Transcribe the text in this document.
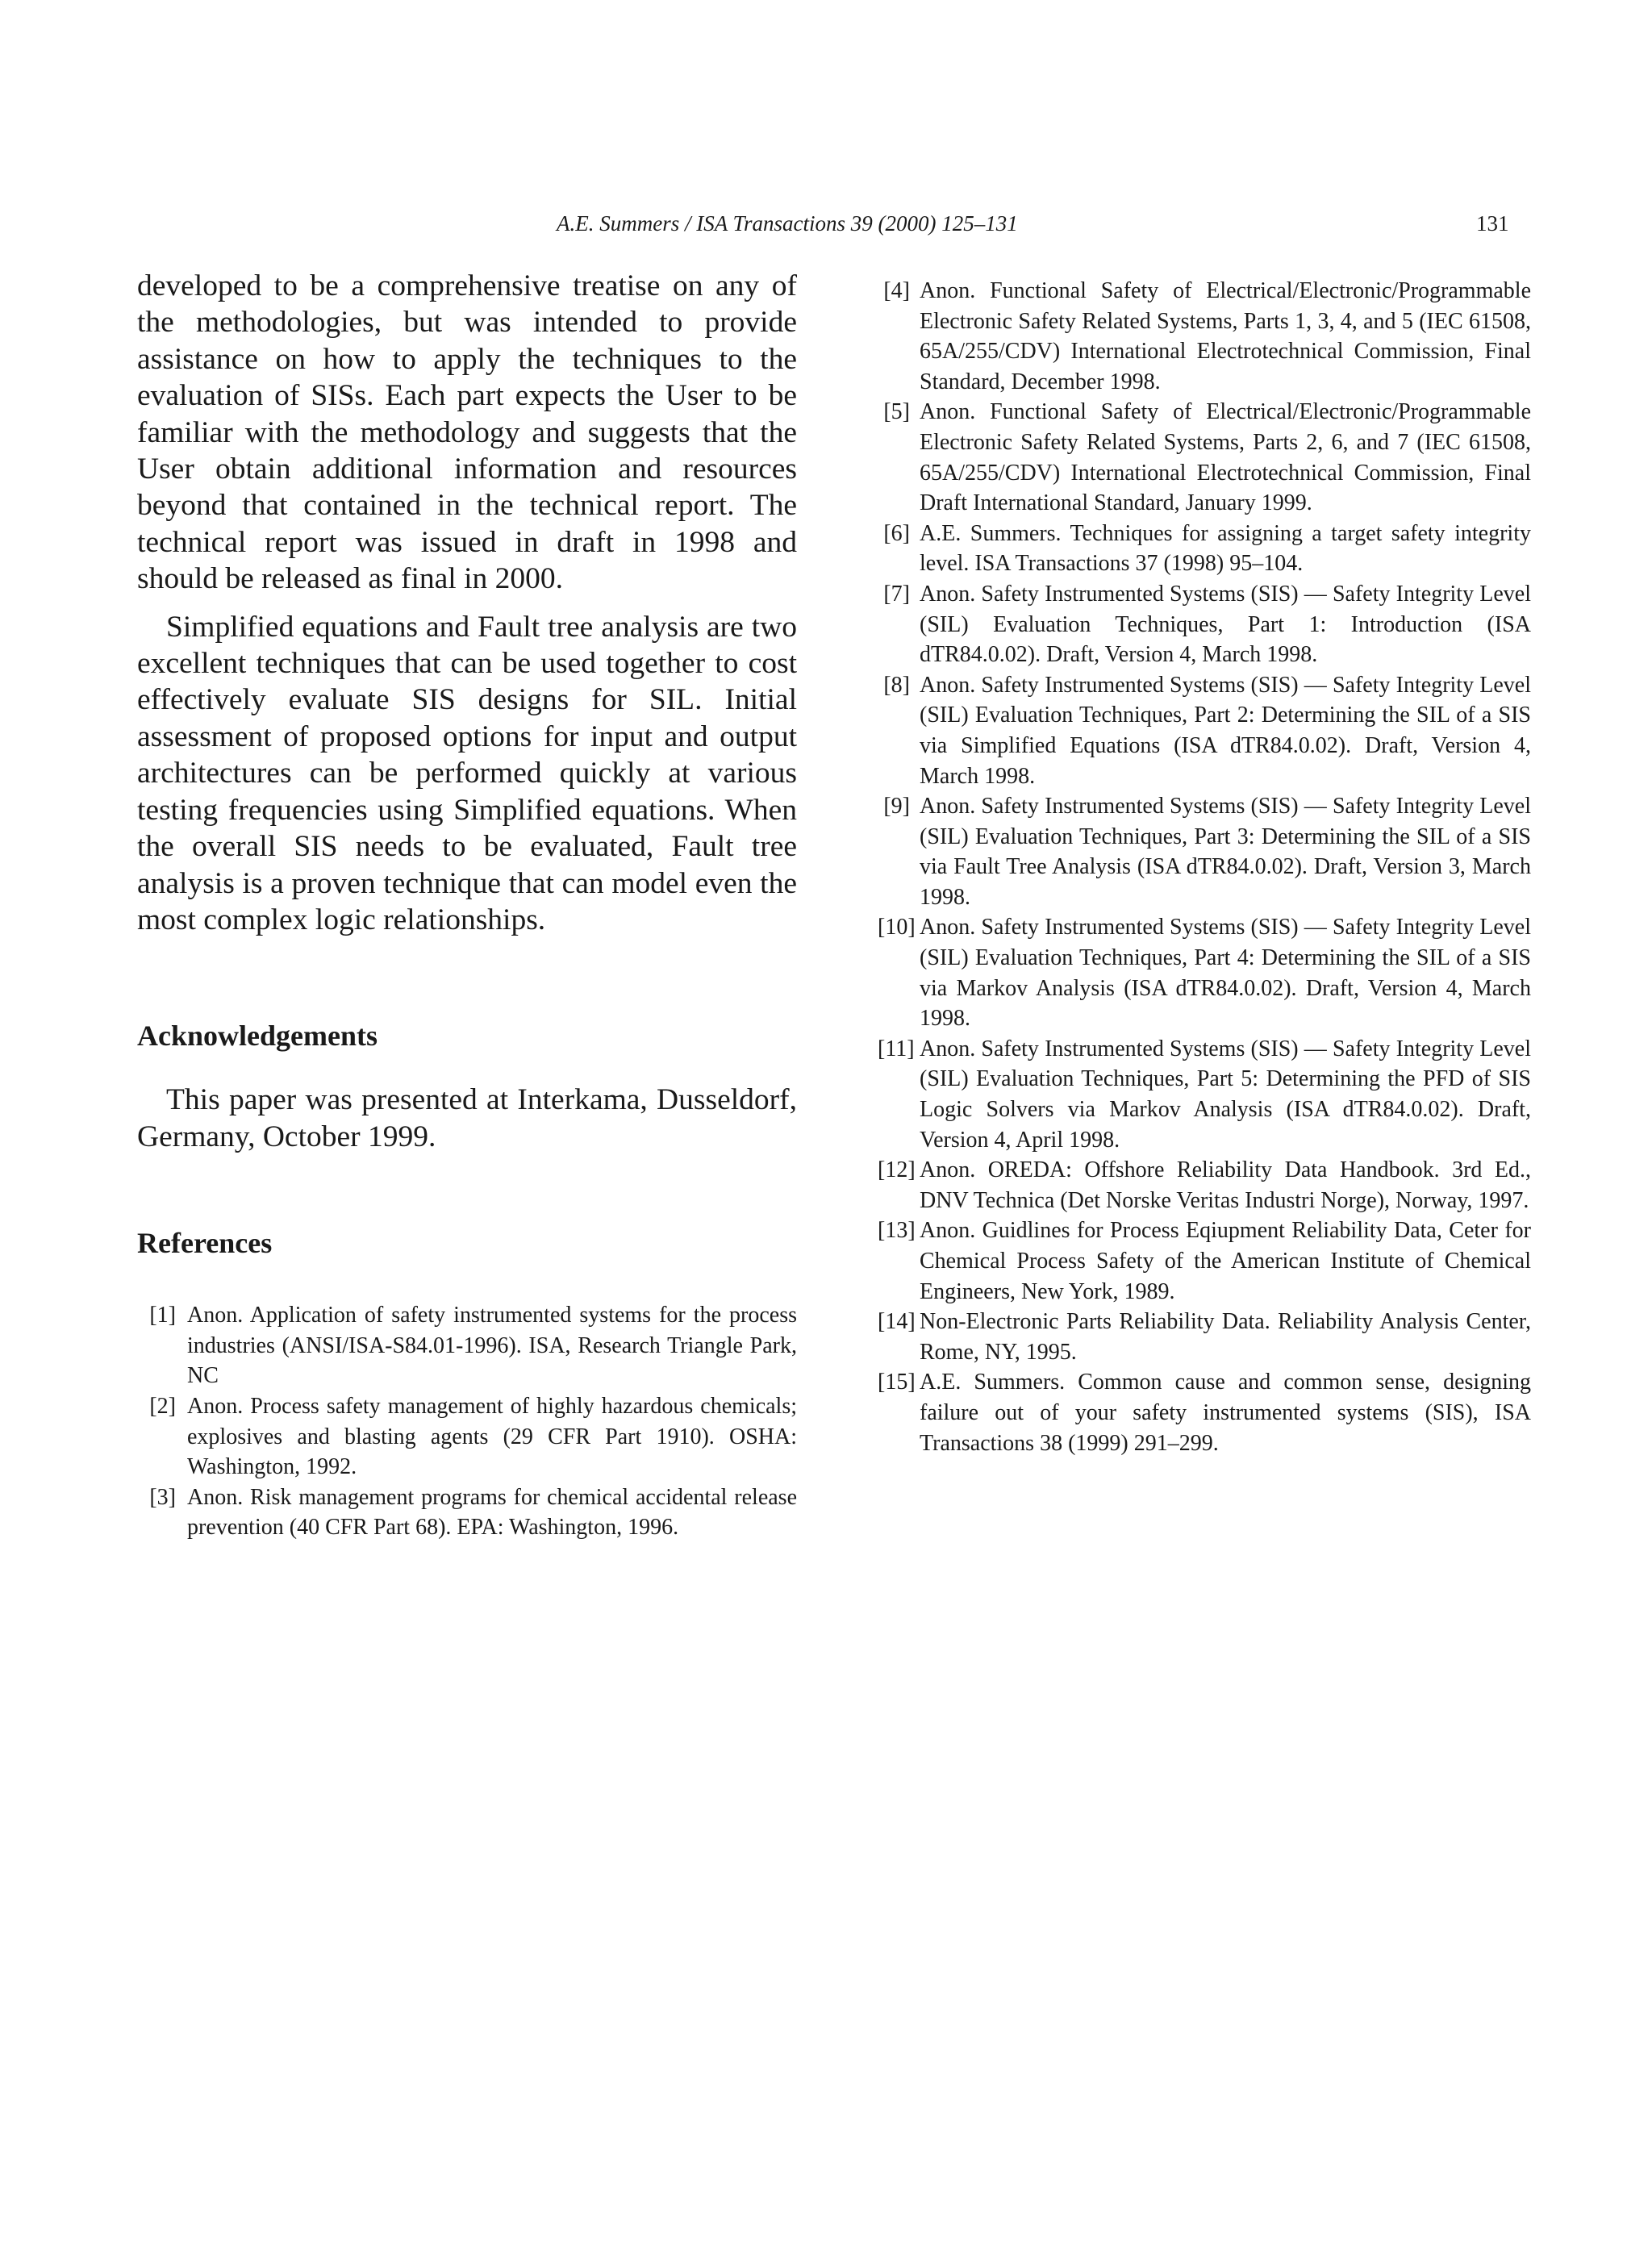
A.E. Summers / ISA Transactions 39 (2000) 125–131	131

developed to be a comprehensive treatise on any of the methodologies, but was intended to provide assistance on how to apply the techniques to the evaluation of SISs. Each part expects the User to be familiar with the methodology and suggests that the User obtain additional information and resources beyond that contained in the technical report. The technical report was issued in draft in 1998 and should be released as final in 2000.

Simplified equations and Fault tree analysis are two excellent techniques that can be used together to cost effectively evaluate SIS designs for SIL. Initial assessment of proposed options for input and output architectures can be performed quickly at various testing frequencies using Simplified equations. When the overall SIS needs to be evaluated, Fault tree analysis is a proven technique that can model even the most complex logic relationships.

Acknowledgements

This paper was presented at Interkama, Dusseldorf, Germany, October 1999.

References
[1] Anon. Application of safety instrumented systems for the process industries (ANSI/ISA-S84.01-1996). ISA, Research Triangle Park, NC
[2] Anon. Process safety management of highly hazardous chemicals; explosives and blasting agents (29 CFR Part 1910). OSHA: Washington, 1992.
[3] Anon. Risk management programs for chemical accidental release prevention (40 CFR Part 68). EPA: Washington, 1996.
[4] Anon. Functional Safety of Electrical/Electronic/Programmable Electronic Safety Related Systems, Parts 1, 3, 4, and 5 (IEC 61508, 65A/255/CDV) International Electrotechnical Commission, Final Standard, December 1998.
[5] Anon. Functional Safety of Electrical/Electronic/Programmable Electronic Safety Related Systems, Parts 2, 6, and 7 (IEC 61508, 65A/255/CDV) International Electrotechnical Commission, Final Draft International Standard, January 1999.
[6] A.E. Summers. Techniques for assigning a target safety integrity level. ISA Transactions 37 (1998) 95–104.
[7] Anon. Safety Instrumented Systems (SIS) — Safety Integrity Level (SIL) Evaluation Techniques, Part 1: Introduction (ISA dTR84.0.02). Draft, Version 4, March 1998.
[8] Anon. Safety Instrumented Systems (SIS) — Safety Integrity Level (SIL) Evaluation Techniques, Part 2: Determining the SIL of a SIS via Simplified Equations (ISA dTR84.0.02). Draft, Version 4, March 1998.
[9] Anon. Safety Instrumented Systems (SIS) — Safety Integrity Level (SIL) Evaluation Techniques, Part 3: Determining the SIL of a SIS via Fault Tree Analysis (ISA dTR84.0.02). Draft, Version 3, March 1998.
[10] Anon. Safety Instrumented Systems (SIS) — Safety Integrity Level (SIL) Evaluation Techniques, Part 4: Determining the SIL of a SIS via Markov Analysis (ISA dTR84.0.02). Draft, Version 4, March 1998.
[11] Anon. Safety Instrumented Systems (SIS) — Safety Integrity Level (SIL) Evaluation Techniques, Part 5: Determining the PFD of SIS Logic Solvers via Markov Analysis (ISA dTR84.0.02). Draft, Version 4, April 1998.
[12] Anon. OREDA: Offshore Reliability Data Handbook. 3rd Ed., DNV Technica (Det Norske Veritas Industri Norge), Norway, 1997.
[13] Anon. Guidlines for Process Eqiupment Reliability Data, Ceter for Chemical Process Safety of the American Institute of Chemical Engineers, New York, 1989.
[14] Non-Electronic Parts Reliability Data. Reliability Analysis Center, Rome, NY, 1995.
[15] A.E. Summers. Common cause and common sense, designing failure out of your safety instrumented systems (SIS), ISA Transactions 38 (1999) 291–299.
